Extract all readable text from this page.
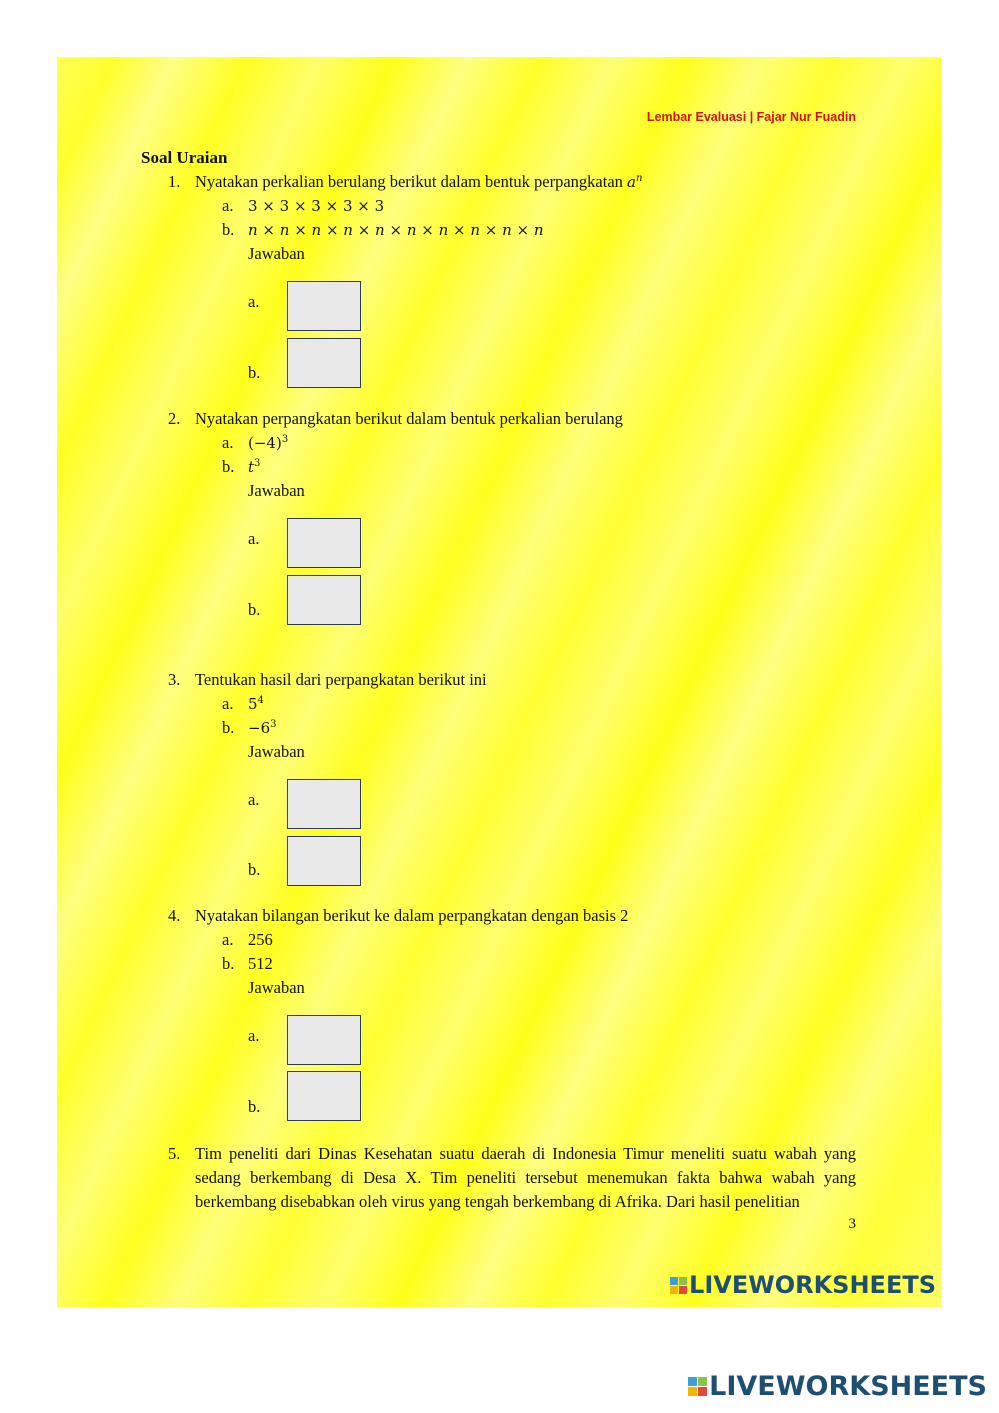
Lembar Evaluasi | Fajar Nur Fuadin
Soal Uraian
1. Nyatakan perkalian berulang berikut dalam bentuk perpangkatan $a^n$
a. 3 × 3 × 3 × 3 × 3
b. n × n × n × n × n × n × n × n × n × n
Jawaban
a.
b.
2. Nyatakan perpangkatan berikut dalam bentuk perkalian berulang
a. $(-4)^3$
b. $t^3$
Jawaban
a.
b.
3. Tentukan hasil dari perpangkatan berikut ini
a. $5^4$
b. $-6^3$
Jawaban
a.
b.
4. Nyatakan bilangan berikut ke dalam perpangkatan dengan basis 2
a. 256
b. 512
Jawaban
a.
b.
5. Tim peneliti dari Dinas Kesehatan suatu daerah di Indonesia Timur meneliti suatu wabah yang sedang berkembang di Desa X. Tim peneliti tersebut menemukan fakta bahwa wabah yang berkembang disebabkan oleh virus yang tengah berkembang di Afrika. Dari hasil penelitian
3
LIVEWORKSHEETS
LIVEWORKSHEETS
